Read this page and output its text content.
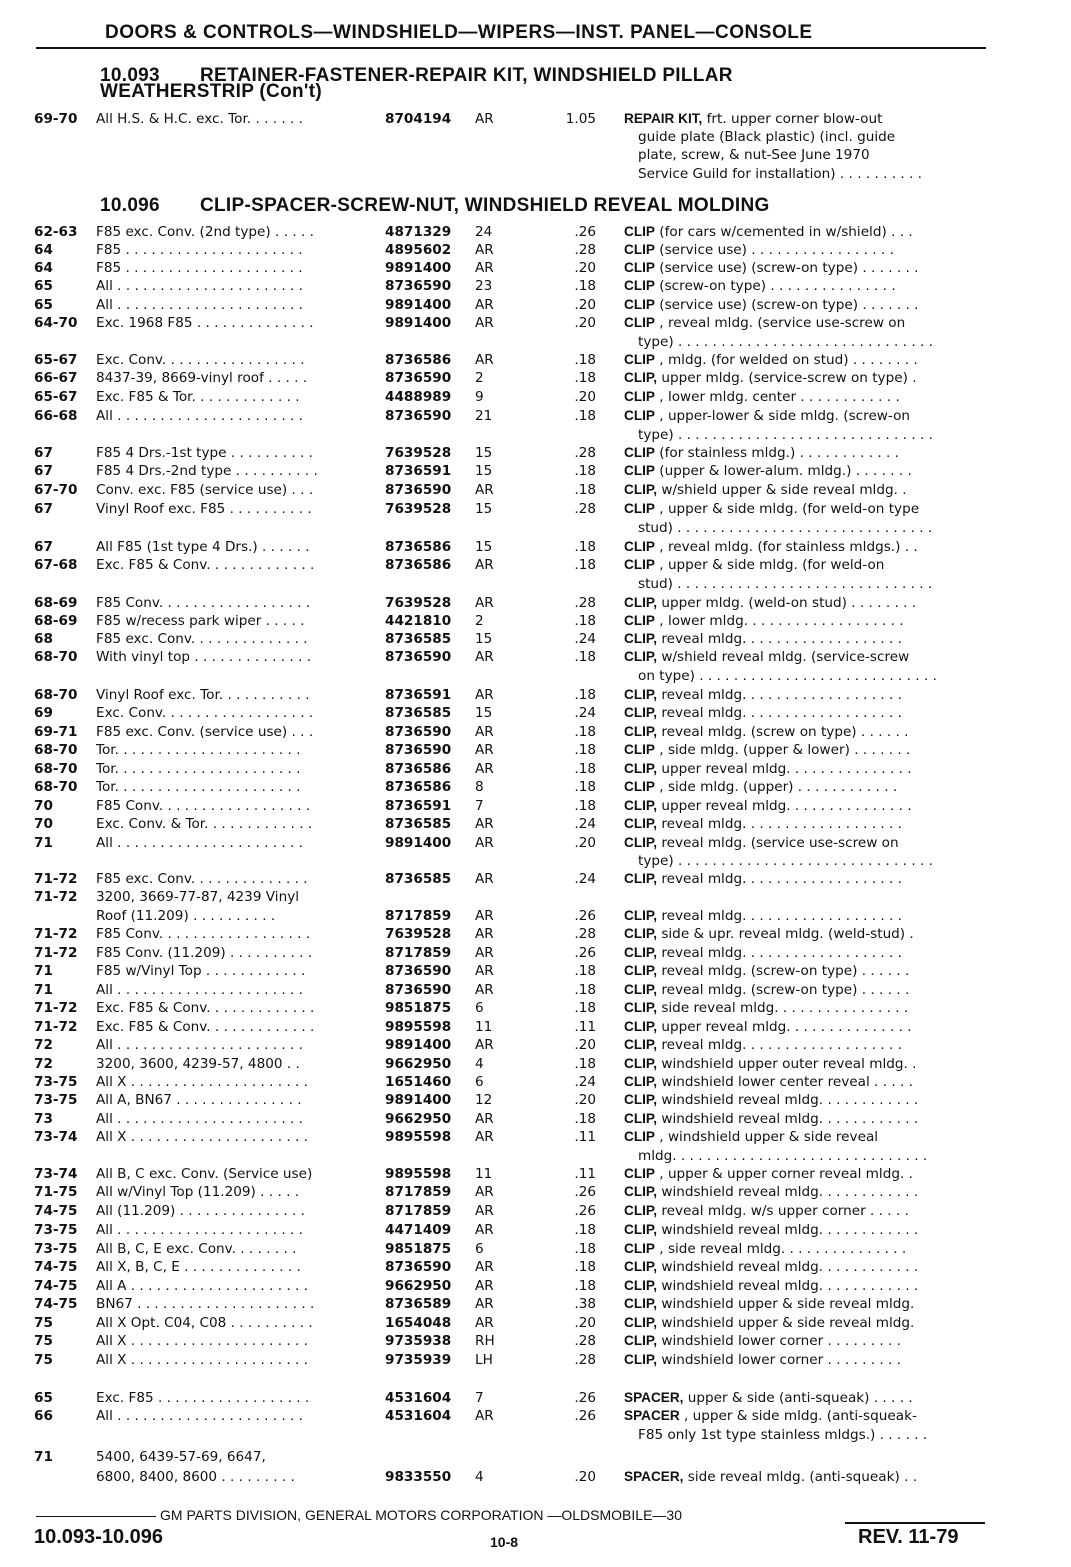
DOORS & CONTROLS—WINDSHIELD—WIPERS—INST. PANEL—CONSOLE
10.093 RETAINER-FASTENER-REPAIR KIT, WINDSHIELD PILLAR
WEATHERSTRIP (Con't)
10.096 CLIP-SPACER-SCREW-NUT, WINDSHIELD REVEAL MOLDING
69-70 All H.S. & H.C. exc. Tor. . . . . . .	8704194 AR	1.05 REPAIR KIT, frt. upper corner blow-out
guide plate (Black plastic) (incl. guide
plate, screw, & nut-See June 1970
Service Guild for installation) . . . . . . . . . .
62-63 F85 exc. Conv. (2nd type) . . . . .	4871329 24	.26 CLIP (for cars w/cemented in w/shield) . . .
64	F85 . . . . . . . . . . . . . . . . . . . . .	4895602 AR	.28 CLIP (service use) . . . . . . . . . . . . . . . . .
64	F85 . . . . . . . . . . . . . . . . . . . . .	9891400 AR	.20 CLIP (service use) (screw-on type) . . . . . . .
65	All . . . . . . . . . . . . . . . . . . . . . .	8736590 23	.18 CLIP (screw-on type) . . . . . . . . . . . . . . .
65	All . . . . . . . . . . . . . . . . . . . . . .	9891400 AR	.20 CLIP (service use) (screw-on type) . . . . . . .
64-70 Exc. 1968 F85 . . . . . . . . . . . . . .	9891400 AR	.20 CLIP , reveal mldg. (service use-screw on
type) . . . . . . . . . . . . . . . . . . . . . . . . . . . . . .
65-67 Exc. Conv. . . . . . . . . . . . . . . . .	8736586 AR	.18 CLIP , mldg. (for welded on stud) . . . . . . . .
66-67 8437-39, 8669-vinyl roof . . . . .	8736590 2	.18 CLIP, upper mldg. (service-screw on type) .
65-67 Exc. F85 & Tor. . . . . . . . . . . . .	4488989 9	.20 CLIP , lower mldg. center . . . . . . . . . . . .
66-68 All . . . . . . . . . . . . . . . . . . . . . .	8736590 21	.18 CLIP , upper-lower & side mldg. (screw-on
type) . . . . . . . . . . . . . . . . . . . . . . . . . . . . . .
67	F85 4 Drs.-1st type . . . . . . . . . .	7639528 15	.28 CLIP (for stainless mldg.) . . . . . . . . . . . .
67	F85 4 Drs.-2nd type . . . . . . . . . .	8736591 15	.18 CLIP (upper & lower-alum. mldg.) . . . . . . .
67-70 Conv. exc. F85 (service use) . . .	8736590 AR	.18 CLIP, w/shield upper & side reveal mldg. .
67	Vinyl Roof exc. F85 . . . . . . . . . .	7639528 15	.28 CLIP , upper & side mldg. (for weld-on type
stud) . . . . . . . . . . . . . . . . . . . . . . . . . . . . . .
67	All F85 (1st type 4 Drs.) . . . . . .	8736586 15	.18 CLIP , reveal mldg. (for stainless mldgs.) . .
67-68 Exc. F85 & Conv. . . . . . . . . . . . .	8736586 AR	.18 CLIP , upper & side mldg. (for weld-on
stud) . . . . . . . . . . . . . . . . . . . . . . . . . . . . . .
68-69 F85 Conv. . . . . . . . . . . . . . . . . .	7639528 AR	.28 CLIP, upper mldg. (weld-on stud) . . . . . . . .
68-69 F85 w/recess park wiper . . . . .	4421810 2	.18 CLIP , lower mldg. . . . . . . . . . . . . . . . . . .
68	F85 exc. Conv. . . . . . . . . . . . . .	8736585 15	.24 CLIP, reveal mldg. . . . . . . . . . . . . . . . . . .
68-70 With vinyl top . . . . . . . . . . . . . .	8736590 AR	.18 CLIP, w/shield reveal mldg. (service-screw
on type) . . . . . . . . . . . . . . . . . . . . . . . . . . . .
68-70 Vinyl Roof exc. Tor. . . . . . . . . . .	8736591 AR	.18 CLIP, reveal mldg. . . . . . . . . . . . . . . . . . .
69	Exc. Conv. . . . . . . . . . . . . . . . . .	8736585 15	.24 CLIP, reveal mldg. . . . . . . . . . . . . . . . . . .
69-71 F85 exc. Conv. (service use) . . .	8736590 AR	.18 CLIP, reveal mldg. (screw on type) . . . . . .
68-70 Tor. . . . . . . . . . . . . . . . . . . . . .	8736590 AR	.18 CLIP , side mldg. (upper & lower) . . . . . . .
68-70 Tor. . . . . . . . . . . . . . . . . . . . . .	8736586 AR	.18 CLIP, upper reveal mldg. . . . . . . . . . . . . . .
68-70 Tor. . . . . . . . . . . . . . . . . . . . . .	8736586 8	.18 CLIP , side mldg. (upper) . . . . . . . . . . . .
70	F85 Conv. . . . . . . . . . . . . . . . . .	8736591 7	.18 CLIP, upper reveal mldg. . . . . . . . . . . . . . .
70	Exc. Conv. & Tor. . . . . . . . . . . . .	8736585 AR	.24 CLIP, reveal mldg. . . . . . . . . . . . . . . . . . .
71	All . . . . . . . . . . . . . . . . . . . . . .	9891400 AR	.20 CLIP, reveal mldg. (service use-screw on
type) . . . . . . . . . . . . . . . . . . . . . . . . . . . . . .
71-72 F85 exc. Conv. . . . . . . . . . . . . .	8736585 AR	.24 CLIP, reveal mldg. . . . . . . . . . . . . . . . . . .
71-72 3200, 3669-77-87, 4239 Vinyl
Roof (11.209) . . . . . . . . . .	8717859 AR	.26 CLIP, reveal mldg. . . . . . . . . . . . . . . . . . .
71-72 F85 Conv. . . . . . . . . . . . . . . . . .	7639528 AR	.28 CLIP, side & upr. reveal mldg. (weld-stud) .
71-72 F85 Conv. (11.209) . . . . . . . . . .	8717859 AR	.26 CLIP, reveal mldg. . . . . . . . . . . . . . . . . . .
71	F85 w/Vinyl Top . . . . . . . . . . . .	8736590 AR	.18 CLIP, reveal mldg. (screw-on type) . . . . . .
71	All . . . . . . . . . . . . . . . . . . . . . .	8736590 AR	.18 CLIP, reveal mldg. (screw-on type) . . . . . .
71-72 Exc. F85 & Conv. . . . . . . . . . . . .	9851875 6	.18 CLIP, side reveal mldg. . . . . . . . . . . . . . . .
71-72 Exc. F85 & Conv. . . . . . . . . . . . .	9895598 11	.11 CLIP, upper reveal mldg. . . . . . . . . . . . . . .
72	All . . . . . . . . . . . . . . . . . . . . . .	9891400 AR	.20 CLIP, reveal mldg. . . . . . . . . . . . . . . . . . .
72	3200, 3600, 4239-57, 4800 . .	9662950 4	.18 CLIP, windshield upper outer reveal mldg. .
73-75 All X . . . . . . . . . . . . . . . . . . . . .	1651460 6	.24 CLIP, windshield lower center reveal . . . . .
73-75 All A, BN67 . . . . . . . . . . . . . . .	9891400 12	.20 CLIP, windshield reveal mldg. . . . . . . . . . . .
73	All . . . . . . . . . . . . . . . . . . . . . .	9662950 AR	.18 CLIP, windshield reveal mldg. . . . . . . . . . . .
73-74 All X . . . . . . . . . . . . . . . . . . . . .	9895598 AR	.11 CLIP , windshield upper & side reveal
mldg. . . . . . . . . . . . . . . . . . . . . . . . . . . . . .
73-74 All B, C exc. Conv. (Service use)	9895598 11	.11 CLIP , upper & upper corner reveal mldg. .
71-75 All w/Vinyl Top (11.209) . . . . .	8717859 AR	.26 CLIP, windshield reveal mldg. . . . . . . . . . . .
74-75 All (11.209) . . . . . . . . . . . . . . .	8717859 AR	.26 CLIP, reveal mldg. w/s upper corner . . . . .
73-75 All . . . . . . . . . . . . . . . . . . . . . .	4471409 AR	.18 CLIP, windshield reveal mldg. . . . . . . . . . . .
73-75 All B, C, E exc. Conv. . . . . . . .	9851875 6	.18 CLIP , side reveal mldg. . . . . . . . . . . . . . .
74-75 All X, B, C, E . . . . . . . . . . . . . .	8736590 AR	.18 CLIP, windshield reveal mldg. . . . . . . . . . . .
74-75 All A . . . . . . . . . . . . . . . . . . . . .	9662950 AR	.18 CLIP, windshield reveal mldg. . . . . . . . . . . .
74-75 BN67 . . . . . . . . . . . . . . . . . . . . .	8736589 AR	.38 CLIP, windshield upper & side reveal mldg.
75	All X Opt. C04, C08 . . . . . . . . . .	1654048 AR	.20 CLIP, windshield upper & side reveal mldg.
75	All X . . . . . . . . . . . . . . . . . . . . .	9735938 RH	.28 CLIP, windshield lower corner . . . . . . . . .
75	All X . . . . . . . . . . . . . . . . . . . . .	9735939 LH	.28 CLIP, windshield lower corner . . . . . . . . .
65	Exc. F85 . . . . . . . . . . . . . . . . . .	4531604 7	.26 SPACER, upper & side (anti-squeak) . . . . .
66	All . . . . . . . . . . . . . . . . . . . . . .	4531604 AR	.26 SPACER , upper & side mldg. (anti-squeak-
F85 only 1st type stainless mldgs.) . . . . . .
71	5400, 6439-57-69, 6647,
6800, 8400, 8600 . . . . . . . . .	9833550 4	.20 SPACER, side reveal mldg. (anti-squeak) . .
GM PARTS DIVISION, GENERAL MOTORS CORPORATION —OLDSMOBILE—30
10.093-10.096	10-8	REV. 11-79
